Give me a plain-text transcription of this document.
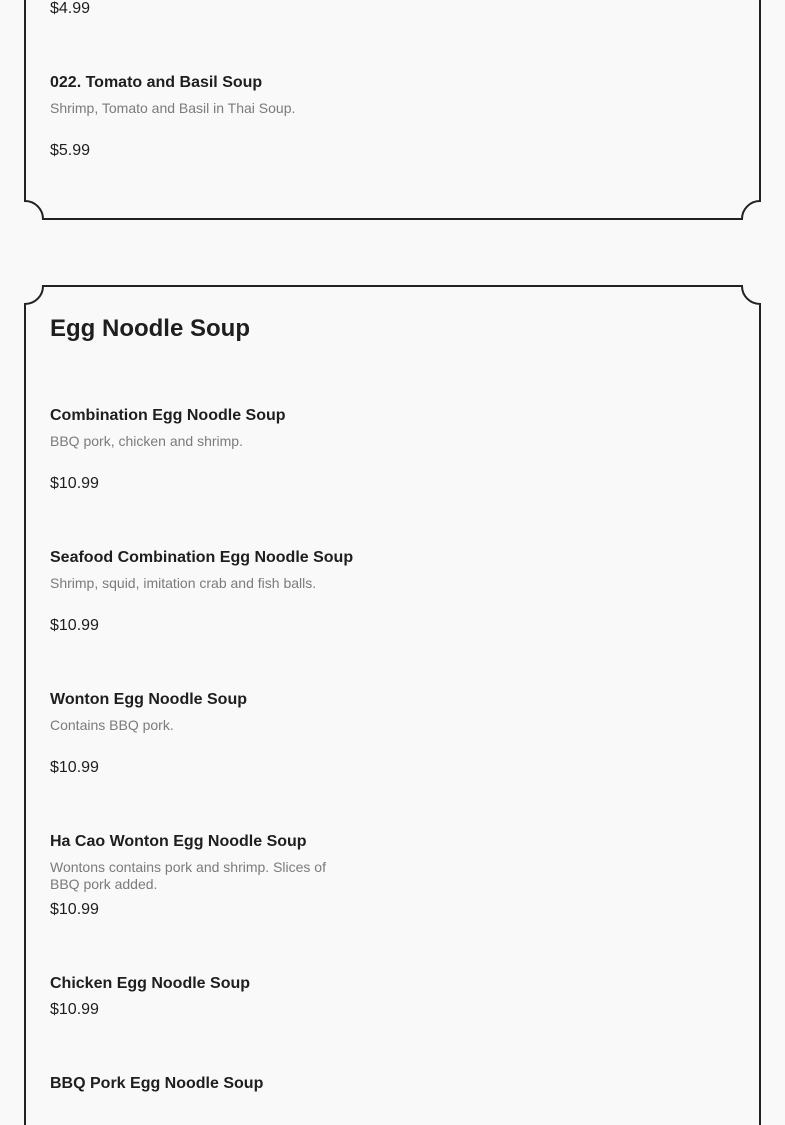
$4.99
022. Tomato and Basil Soup
Shrimp, Tomato and Basil in Thai Soup.
$5.99
Egg Noodle Soup
Combination Egg Noodle Soup
BBQ pork, chicken and shrimp.
$10.99
Seafood Combination Egg Noodle Soup
Shrimp, squid, imitation crab and fish balls.
$10.99
Wonton Egg Noodle Soup
Contains BBQ pork.
$10.99
Ha Cao Wonton Egg Noodle Soup
Wontons contains pork and shrimp. Slices of BBQ pork added.
$10.99
Chicken Egg Noodle Soup
$10.99
BBQ Pork Egg Noodle Soup
